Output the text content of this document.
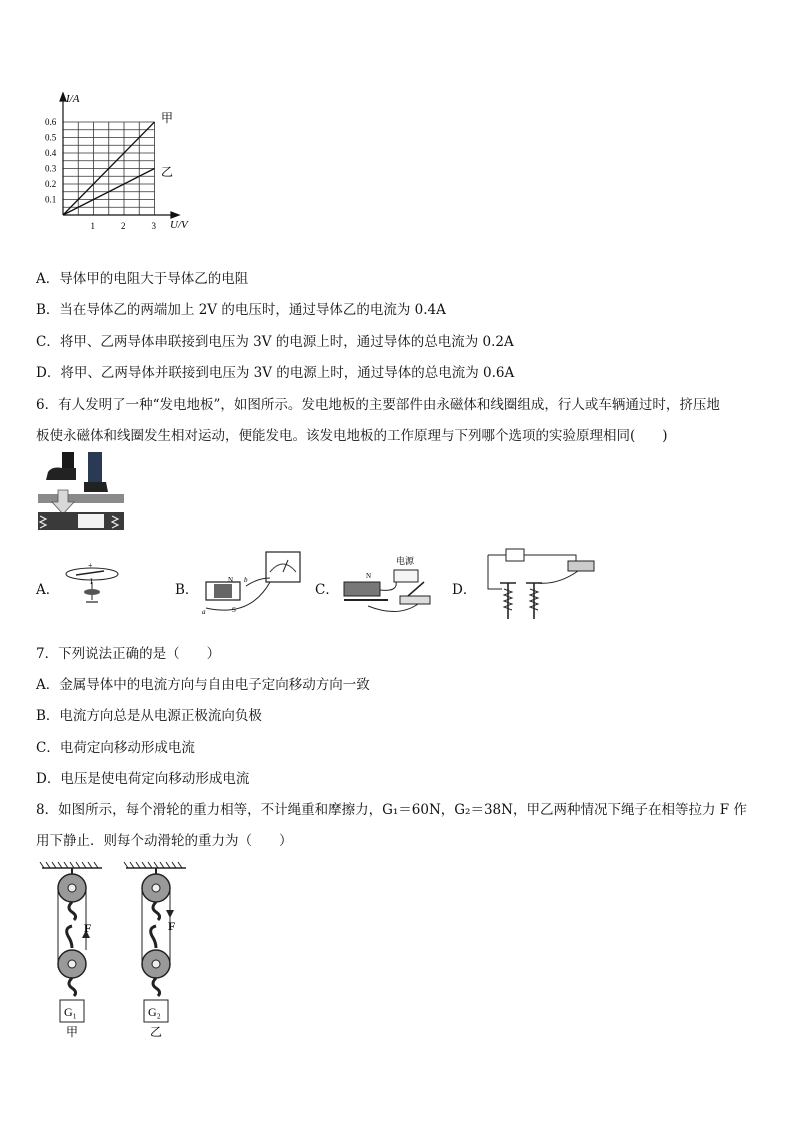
I/A
U/V
0.6
0.5
0.4
0.3
0.2
0.1
1	2	3
甲
乙
A．导体甲的电阻大于导体乙的电阻
B．当在导体乙的两端加上 2V 的电压时，通过导体乙的电流为 0.4A
C．将甲、乙两导体串联接到电压为 3V 的电源上时，通过导体的总电流为 0.2A
D．将甲、乙两导体并联接到电压为 3V 的电源上时，通过导体的总电流为 0.6A
6．有人发明了一种“发电地板”，如图所示。发电地板的主要部件由永磁体和线圈组成，行人或车辆通过时，挤压地
板使永磁体和线圈发生相对运动，便能发电。该发电地板的工作原理与下列哪个选项的实验原理相同(　　)
A．
+
I
B．
N
S
a
b
C．
电源
N
D．
7．下列说法正确的是（　　）
A．金属导体中的电流方向与自由电子定向移动方向一致
B．电流方向总是从电源正极流向负极
C．电荷定向移动形成电流
D．电压是使电荷定向移动形成电流
8．如图所示，每个滑轮的重力相等，不计绳重和摩擦力，G₁＝60N，G₂＝38N，甲乙两种情况下绳子在相等拉力 F 作
用下静止．则每个动滑轮的重力为（　　）
F
G₁
甲
F
G₂
乙
